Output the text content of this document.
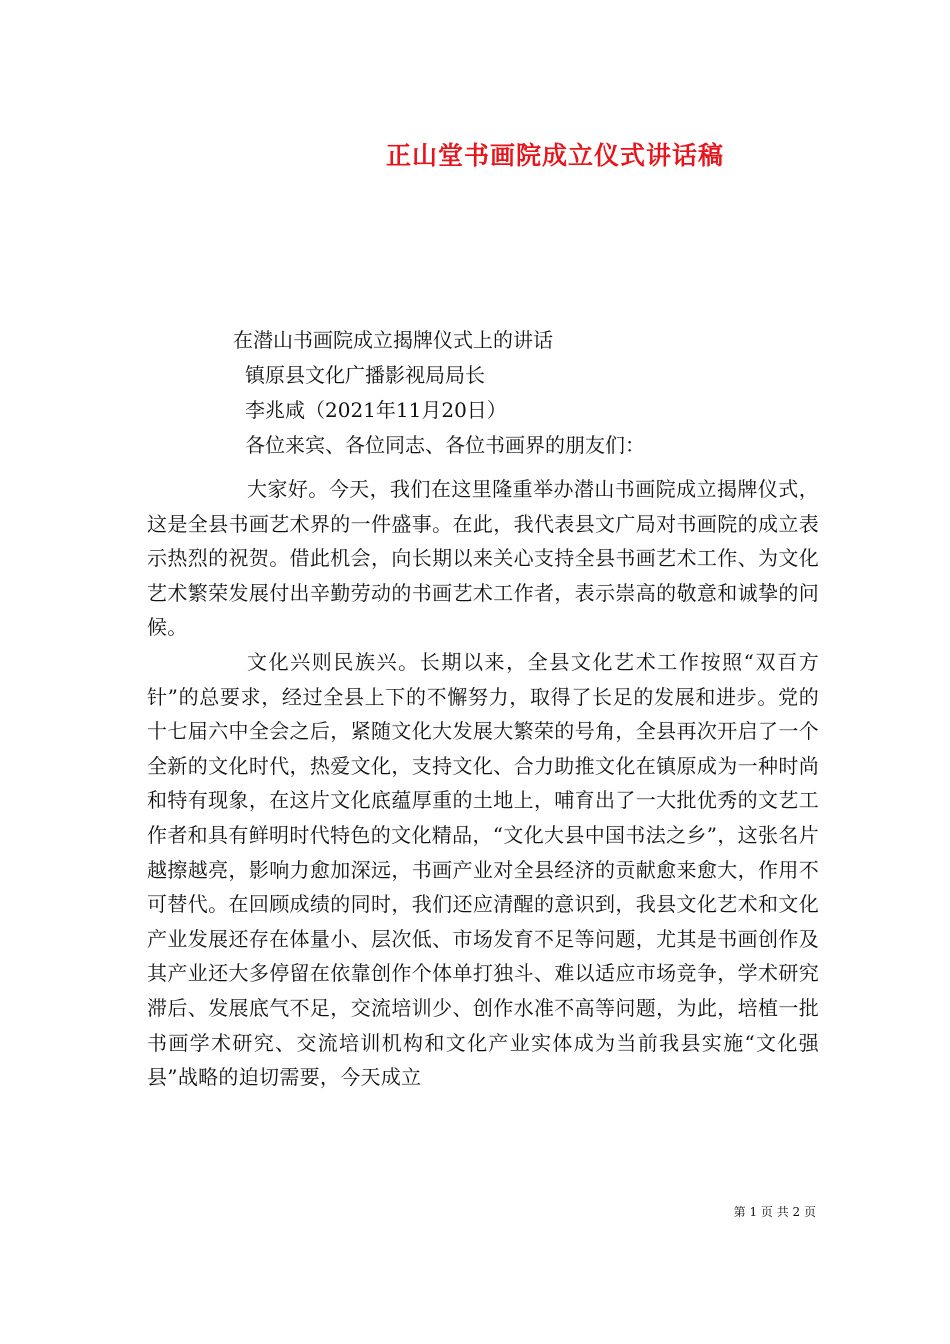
正山堂书画院成立仪式讲话稿
在潜山书画院成立揭牌仪式上的讲话
镇原县文化广播影视局局长
李兆咸（2021年11月20日）
各位来宾、各位同志、各位书画界的朋友们：

大家好。今天，我们在这里隆重举办潜山书画院成立揭牌仪式，这是全县书画艺术界的一件盛事。在此，我代表县文广局对书画院的成立表示热烈的祝贺。借此机会，向长期以来关心支持全县书画艺术工作、为文化艺术繁荣发展付出辛勤劳动的书画艺术工作者，表示崇高的敬意和诚挚的问候。

文化兴则民族兴。长期以来，全县文化艺术工作按照“双百方针”的总要求，经过全县上下的不懈努力，取得了长足的发展和进步。党的十七届六中全会之后，紧随文化大发展大繁荣的号角，全县再次开启了一个全新的文化时代，热爱文化，支持文化、合力助推文化在镇原成为一种时尚和特有现象，在这片文化底蕴厚重的土地上，哺育出了一大批优秀的文艺工作者和具有鲜明时代特色的文化精品，“文化大县中国书法之乡”，这张名片越擦越亮，影响力愈加深远，书画产业对全县经济的贡献愈来愈大，作用不可替代。在回顾成绩的同时，我们还应清醒的意识到，我县文化艺术和文化产业发展还存在体量小、层次低、市场发育不足等问题，尤其是书画创作及其产业还大多停留在依靠创作个体单打独斗、难以适应市场竞争，学术研究滞后、发展底气不足，交流培训少、创作水准不高等问题，为此，培植一批书画学术研究、交流培训机构和文化产业实体成为当前我县实施“文化强县”战略的迫切需要，今天成立

第 1 页 共 2 页
